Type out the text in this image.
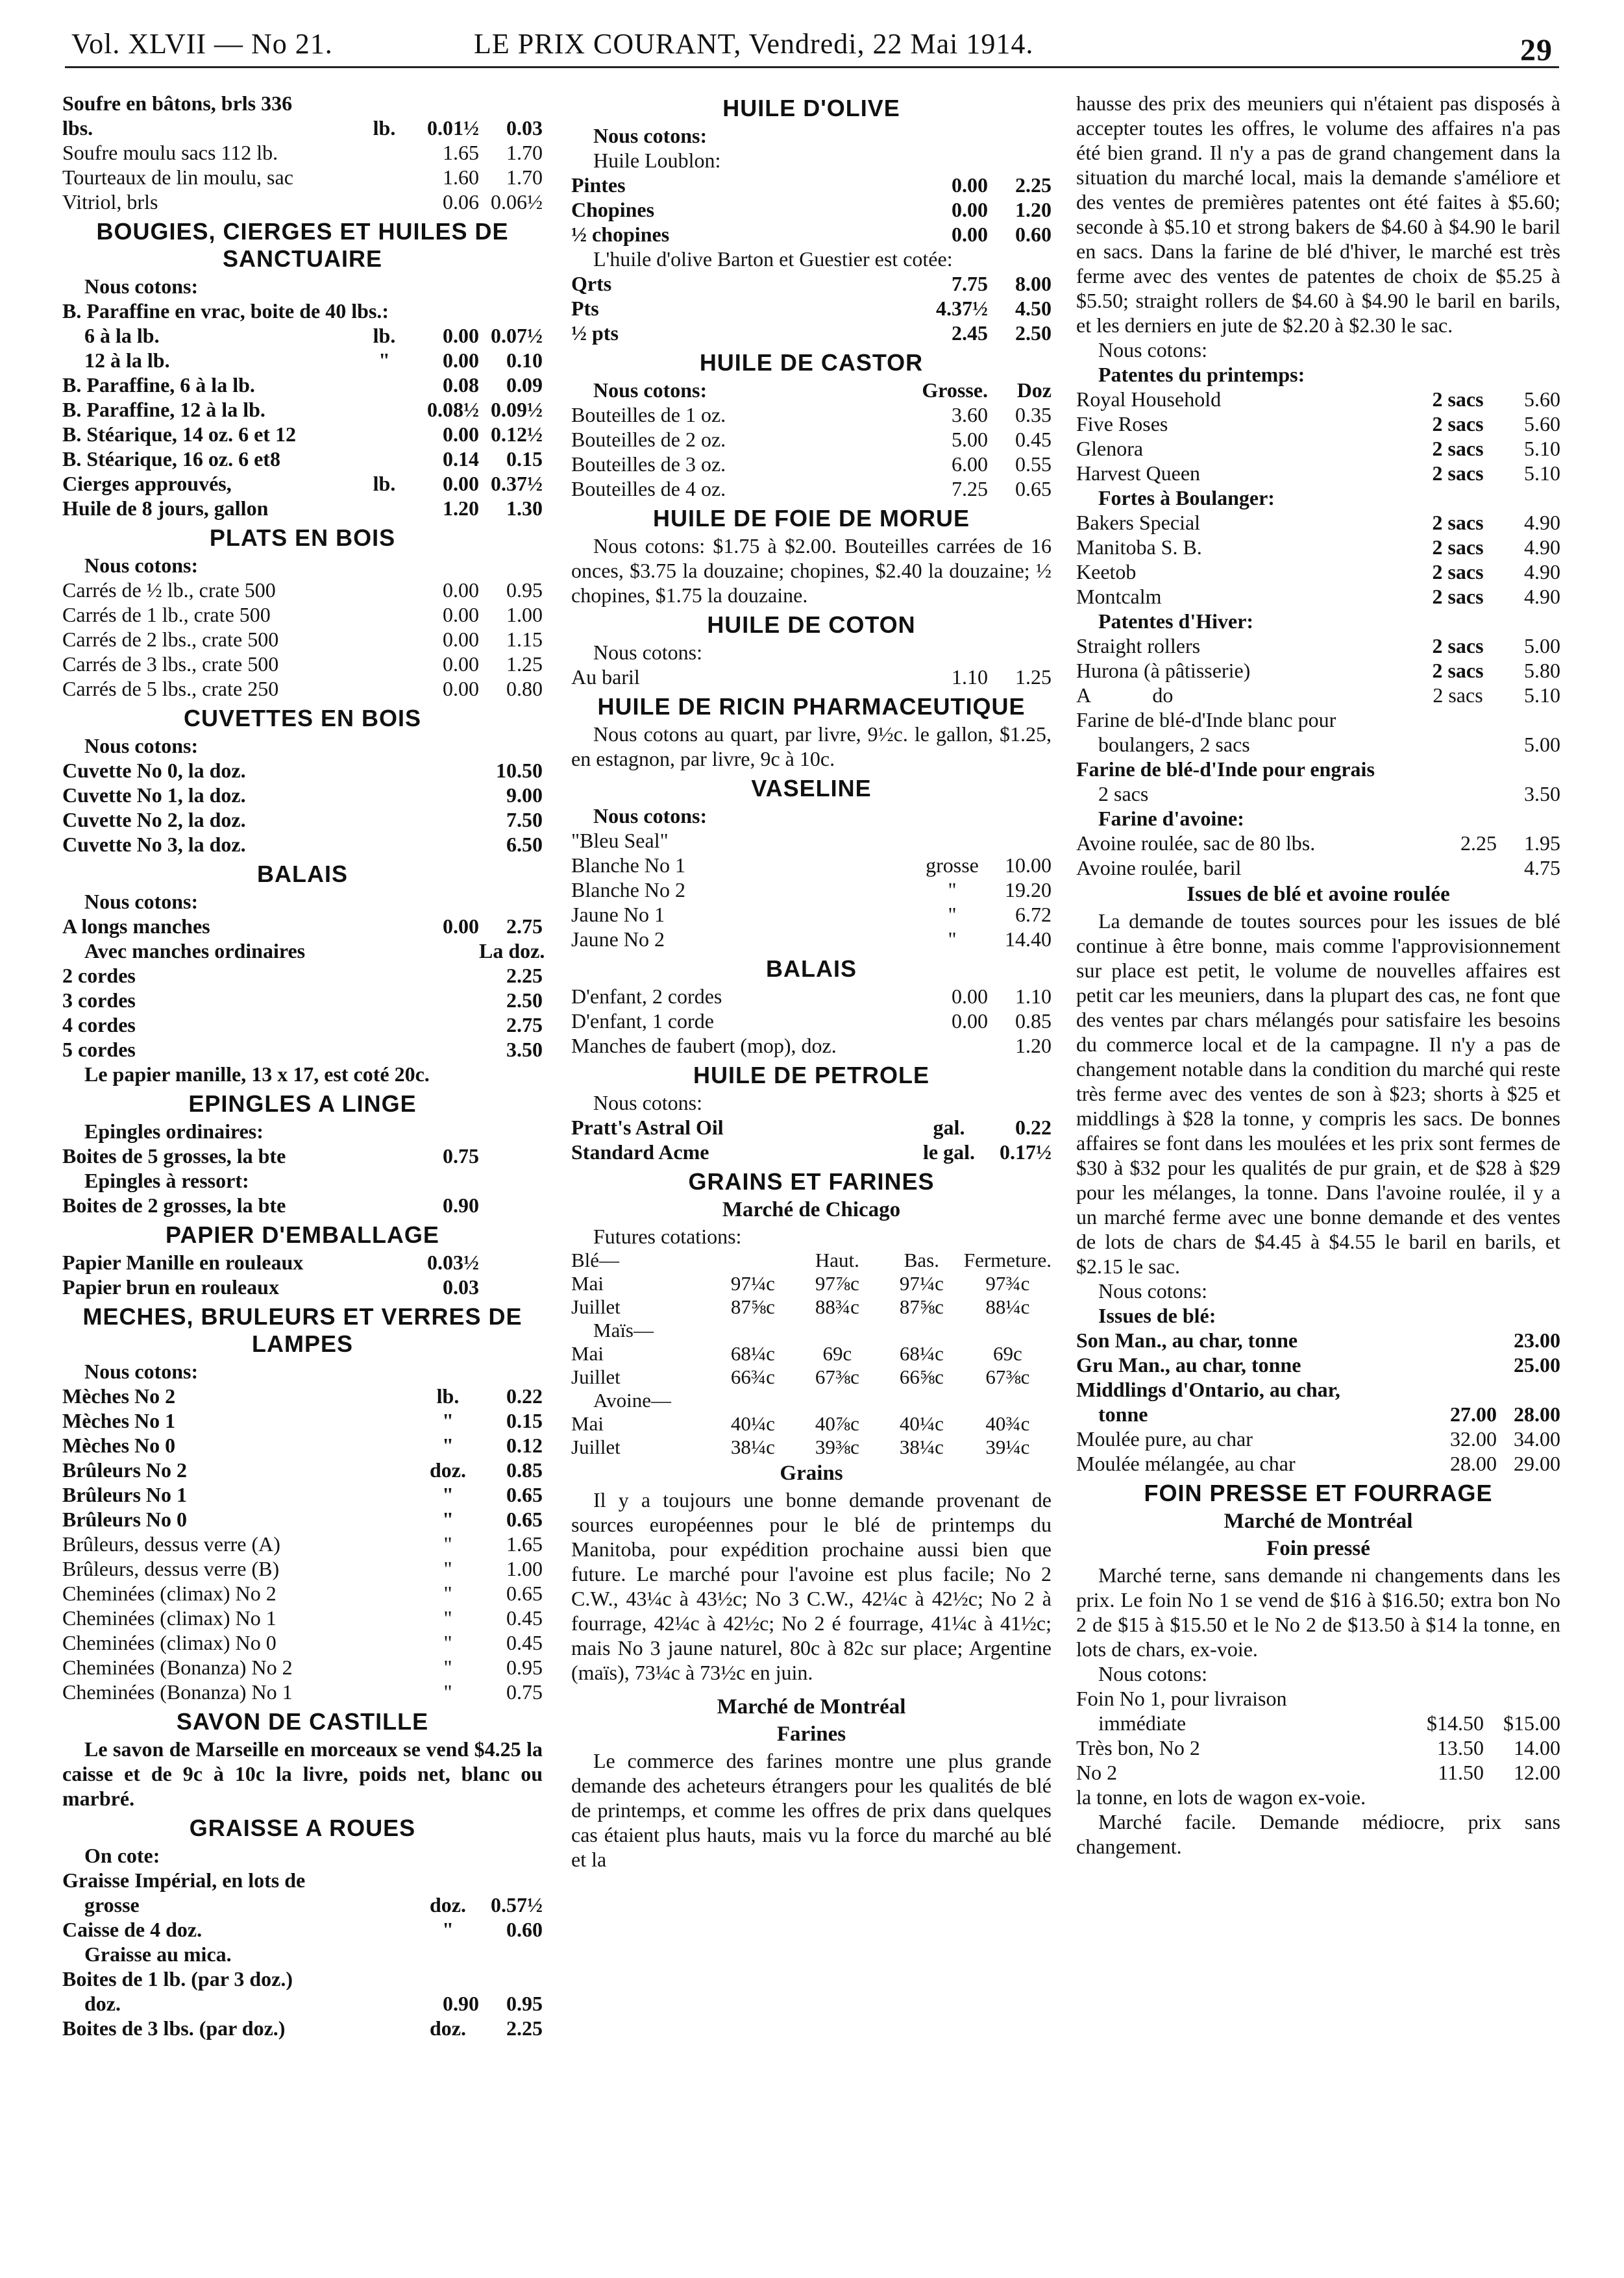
Vol. XLVII — No 21.	LE PRIX COURANT, Vendredi, 22 Mai 1914.	29
Soufre en bâtons, brls 336
lbs.	lb.	0.01½	0.03
Soufre moulu sacs 112 lb.	1.65	1.70
Tourteaux de lin moulu, sac	1.60	1.70
Vitriol, brls	0.06 0.06½
BOUGIES, CIERGES ET HUILES DE SANCTUAIRE
Nous cotons:
B. Paraffine en vrac, boite de 40 lbs.:
6 à la lb.	lb.	0.00 0.07½
12 à la lb.	"	0.00	0.10
B. Paraffine, 6 à la lb.	0.08	0.09
B. Paraffine, 12 à la lb.	0.08½ 0.09½
B. Stéarique, 14 oz. 6 et 12	0.00 0.12½
B. Stéarique, 16 oz. 6 et8	0.14	0.15
Cierges approuvés,	lb.	0.00 0.37½
Huile de 8 jours, gallon	1.20	1.30
PLATS EN BOIS
Nous cotons:
Carrés de ½ lb., crate 500	0.00	0.95
Carrés de 1 lb., crate 500	0.00	1.00
Carrés de 2 lbs., crate 500	0.00	1.15
Carrés de 3 lbs., crate 500	0.00	1.25
Carrés de 5 lbs., crate 250	0.00	0.80
CUVETTES EN BOIS
Nous cotons:
Cuvette No 0, la doz.	10.50
Cuvette No 1, la doz.	9.00
Cuvette No 2, la doz.	7.50
Cuvette No 3, la doz.	6.50
BALAIS
Nous cotons:
A longs manches	0.00	2.75
Avec manches ordinaires	La doz.
2 cordes	2.25
3 cordes	2.50
4 cordes	2.75
5 cordes	3.50
Le papier manille, 13 x 17, est coté 20c.
EPINGLES A LINGE
Epingles ordinaires:
Boites de 5 grosses, la bte	0.75
Epingles à ressort:
Boites de 2 grosses, la bte	0.90
PAPIER D'EMBALLAGE
Papier Manille en rouleaux	0.03½
Papier brun en rouleaux	0.03
MECHES, BRULEURS ET VERRES DE LAMPES
Nous cotons:
Mèches No 2	lb.	0.22
Mèches No 1	"	0.15
Mèches No 0	"	0.12
Brûleurs No 2	doz.	0.85
Brûleurs No 1	"	0.65
Brûleurs No 0	"	0.65
Brûleurs, dessus verre (A)	"	1.65
Brûleurs, dessus verre (B)	"	1.00
Cheminées (climax) No 2	"	0.65
Cheminées (climax) No 1	"	0.45
Cheminées (climax) No 0	"	0.45
Cheminées (Bonanza) No 2	"	0.95
Cheminées (Bonanza) No 1	"	0.75
SAVON DE CASTILLE
Le savon de Marseille en morceaux se vend $4.25 la caisse et de 9c à 10c la livre, poids net, blanc ou marbré.
GRAISSE A ROUES
On cote:
Graisse Impérial, en lots de
grosse	doz.	0.57½
Caisse de 4 doz.	"	0.60
Graisse au mica.
Boites de 1 lb. (par 3 doz.)
doz.	0.90	0.95
Boites de 3 lbs. (par doz.)	doz.	2.25
HUILE D'OLIVE
Nous cotons:
Huile Loublon:
Pintes	0.00	2.25
Chopines	0.00	1.20
½ chopines	0.00	0.60
L'huile d'olive Barton et Guestier est cotée:
Qrts	7.75	8.00
Pts	4.37½	4.50
½ pts	2.45	2.50
HUILE DE CASTOR
Nous cotons:	Grosse.	Doz
Bouteilles de 1 oz.	3.60	0.35
Bouteilles de 2 oz.	5.00	0.45
Bouteilles de 3 oz.	6.00	0.55
Bouteilles de 4 oz.	7.25	0.65
HUILE DE FOIE DE MORUE
Nous cotons: $1.75 à $2.00. Bouteilles carrées de 16 onces, $3.75 la douzaine; chopines, $2.40 la douzaine; ½ chopines, $1.75 la douzaine.
HUILE DE COTON
Nous cotons:
Au baril	1.10	1.25
HUILE DE RICIN PHARMACEUTIQUE
Nous cotons au quart, par livre, 9½c. le gallon, $1.25, en estagnon, par livre, 9c à 10c.
VASELINE
Nous cotons:
"Bleu Seal"
Blanche No 1	grosse	10.00
Blanche No 2	"	19.20
Jaune No 1	"	6.72
Jaune No 2	"	14.40
BALAIS
D'enfant, 2 cordes	0.00	1.10
D'enfant, 1 corde	0.00	0.85
Manches de faubert (mop), doz.	1.20
HUILE DE PETROLE
Nous cotons:
Pratt's Astral Oil	gal.	0.22
Standard Acme	le gal.	0.17½
GRAINS ET FARINES
Marché de Chicago
Futures cotations:
Blé—		Haut.	Bas.	Fermeture.
Mai	97¼c	97⅞c	97¼c	97¾c
Juillet	87⅝c	88¾c	87⅝c	88¼c
Maïs—				
Mai	68¼c	69c	68¼c	69c
Juillet	66¾c	67⅜c	66⅝c	67⅜c
Avoine—				
Mai	40¼c	40⅞c	40¼c	40¾c
Juillet	38¼c	39⅜c	38¼c	39¼c
Grains
Il y a toujours une bonne demande provenant de sources européennes pour le blé de printemps du Manitoba, pour expédition prochaine aussi bien que future. Le marché pour l'avoine est plus facile; No 2 C.W., 43¼c à 43½c; No 3 C.W., 42¼c à 42½c; No 2 à fourrage, 42¼c à 42½c; No 2 é fourrage, 41¼c à 41½c; mais No 3 jaune naturel, 80c à 82c sur place; Argentine (maïs), 73¼c à 73½c en juin.
Marché de Montréal
Farines
Le commerce des farines montre une plus grande demande des acheteurs étrangers pour les qualités de blé de printemps, et comme les offres de prix dans quelques cas étaient plus hauts, mais vu la force du marché au blé et la
hausse des prix des meuniers qui n'étaient pas disposés à accepter toutes les offres, le volume des affaires n'a pas été bien grand. Il n'y a pas de grand changement dans la situation du marché local, mais la demande s'améliore et des ventes de premières patentes ont été faites à $5.60; seconde à $5.10 et strong bakers de $4.60 à $4.90 le baril en sacs. Dans la farine de blé d'hiver, le marché est très ferme avec des ventes de patentes de choix de $5.25 à $5.50; straight rollers de $4.60 à $4.90 le baril en barils, et les derniers en jute de $2.20 à $2.30 le sac.
Nous cotons:
Patentes du printemps:
Royal Household	2 sacs	5.60
Five Roses	2 sacs	5.60
Glenora	2 sacs	5.10
Harvest Queen	2 sacs	5.10
Fortes à Boulanger:
Bakers Special	2 sacs	4.90
Manitoba S. B.	2 sacs	4.90
Keetob	2 sacs	4.90
Montcalm	2 sacs	4.90
Patentes d'Hiver:
Straight rollers	2 sacs	5.00
Hurona (à pâtisserie)	2 sacs	5.80
A            do	2 sacs	5.10
Farine de blé-d'Inde blanc pour
boulangers, 2 sacs	5.00
Farine de blé-d'Inde pour engrais
2 sacs	3.50
Farine d'avoine:
Avoine roulée, sac de 80 lbs.	2.25	1.95
Avoine roulée, baril	4.75
Issues de blé et avoine roulée
La demande de toutes sources pour les issues de blé continue à être bonne, mais comme l'approvisionnement sur place est petit, le volume de nouvelles affaires est petit car les meuniers, dans la plupart des cas, ne font que des ventes par chars mélangés pour satisfaire les besoins du commerce local et de la campagne. Il n'y a pas de changement notable dans la condition du marché qui reste très ferme avec des ventes de son à $23; shorts à $25 et middlings à $28 la tonne, y compris les sacs. De bonnes affaires se font dans les moulées et les prix sont fermes de $30 à $32 pour les qualités de pur grain, et de $28 à $29 pour les mélanges, la tonne. Dans l'avoine roulée, il y a un marché ferme avec une bonne demande et des ventes de lots de chars de $4.45 à $4.55 le baril en barils, et $2.15 le sac.
Nous cotons:
Issues de blé:
Son Man., au char, tonne	23.00
Gru Man., au char, tonne	25.00
Middlings d'Ontario, au char,
tonne	27.00 28.00
Moulée pure, au char	32.00 34.00
Moulée mélangée, au char	28.00 29.00
FOIN PRESSE ET FOURRAGE
Marché de Montréal
Foin pressé
Marché terne, sans demande ni changements dans les prix. Le foin No 1 se vend de $16 à $16.50; extra bon No 2 de $15 à $15.50 et le No 2 de $13.50 à $14 la tonne, en lots de chars, ex-voie.
Nous cotons:
Foin No 1, pour livraison
immédiate	$14.50 $15.00
Très bon, No 2	13.50	14.00
No 2	11.50	12.00
la tonne, en lots de wagon ex-voie.
Marché facile. Demande médiocre, prix sans changement.
